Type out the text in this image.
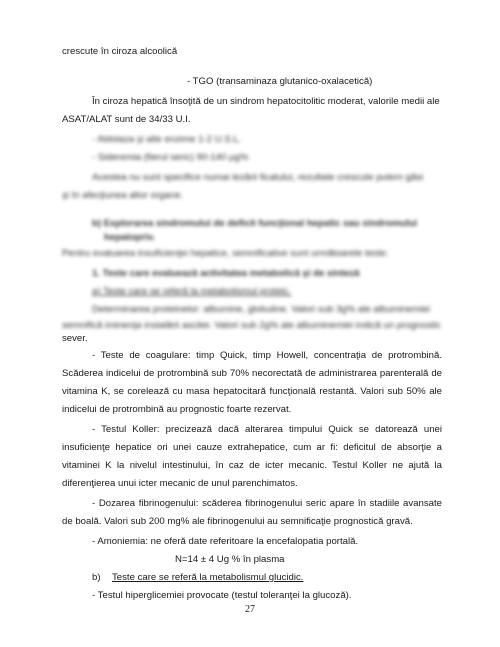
crescute în ciroza alcoolică
- TGO (transaminaza glutanico-oxalacetică)
În ciroza hepatică însoţită de un sindrom hepatocitolitic moderat, valorile medii ale
ASAT/ALAT sunt de 34/33 U.I.
- Aldolaza şi alte enzime 1-2 U.S.L.
- Sideremia (fierul seric) 90-140 µg%
Acestea nu sunt specifice numai lezării ficatului, rezultate crescute putem găsi
şi în afecţiunea altor organe.
b) Explorarea sindromului de deficit funcţional hepatic sau sindromului
hepatopriv.
Pentru evaluarea insuficienţei hepatice, semnificative sunt următoarele teste:
1. Teste care evaluează activitatea metabolică şi de sinteză
a) Teste care se referă la metabolismul proteic.
Determinarea proteinelor: albumine, globuline. Valori sub 3g% ale albuminemiei
semnifică iminenţa instalării ascitei. Valori sub 2g% ale albuminemiei indică un prognostic
sever.
- Teste de coagulare: timp Quick, timp Howell, concentraţia de protrombină.
Scăderea indicelui de protrombină sub 70% necorectată de administrarea parenterală de
vitamina K, se corelează cu masa hepatocitară funcţională restantă. Valori sub 50% ale
indicelui de protrombină au prognostic foarte rezervat.
- Testul Koller: precizează dacă alterarea timpului Quick se datorează unei
insuficienţe hepatice ori unei cauze extrahepatice, cum ar fi: deficitul de absorţie a
vitaminei K la nivelul intestinului, în caz de icter mecanic. Testul Koller ne ajută la
diferenţierea unui icter mecanic de unul parenchimatos.
- Dozarea fibrinogenului: scăderea fibrinogenului seric apare în stadiile avansate
de boală. Valori sub 200 mg% ale fibrinogenului au semnificaţie prognostică gravă.
- Amoniemia: ne oferă date referitoare la encefalopatia portală.
N=14 ± 4 Ug % în plasma
b)	Teste care se referă la metabolismul glucidic.
- Testul hiperglicemiei provocate (testul toleranţei la glucoză).
27
